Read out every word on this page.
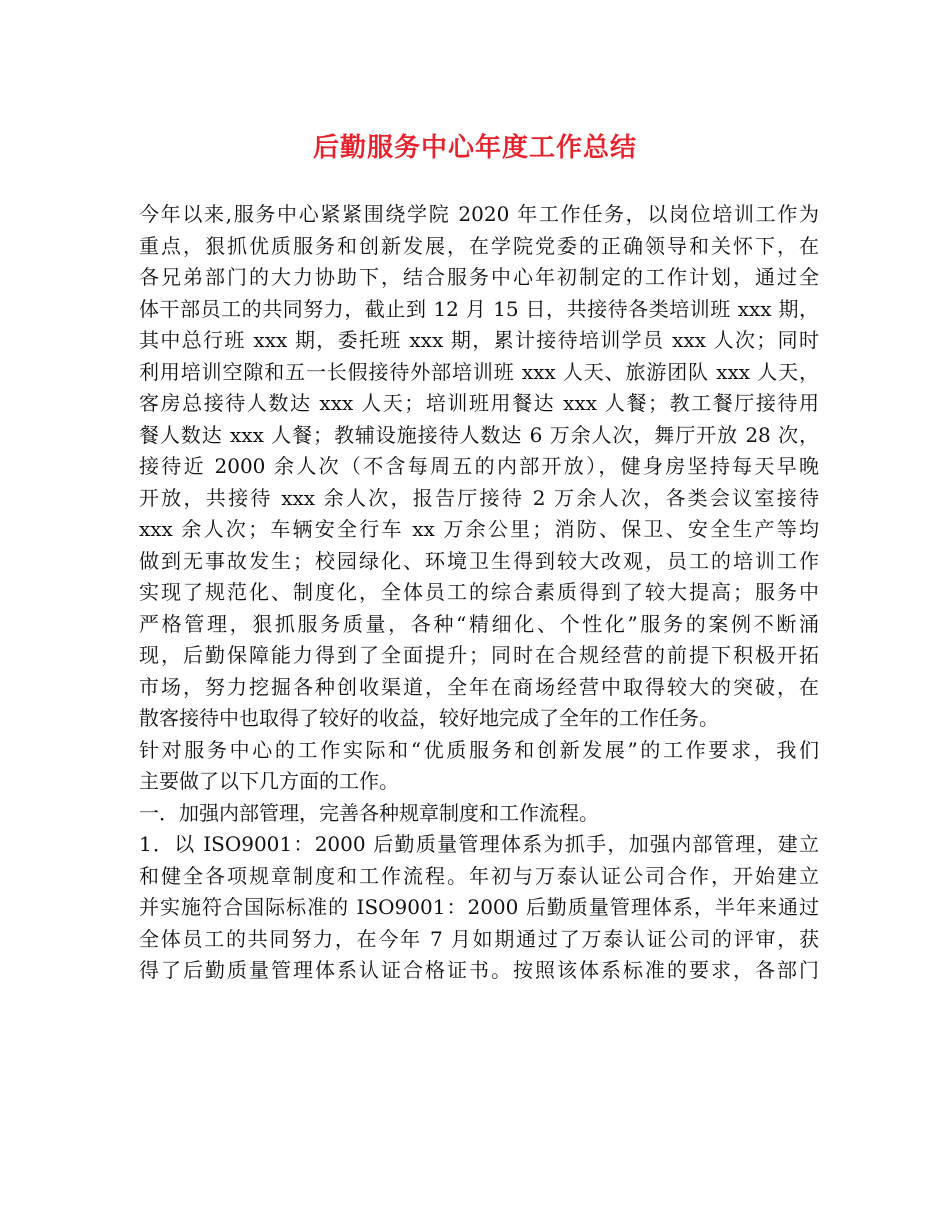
后勤服务中心年度工作总结
今年以来,服务中心紧紧围绕学院 2020 年工作任务，以岗位培训工作为
重点，狠抓优质服务和创新发展，在学院党委的正确领导和关怀下，在
各兄弟部门的大力协助下，结合服务中心年初制定的工作计划，通过全
体干部员工的共同努力，截止到 12 月 15 日，共接待各类培训班 xxx 期，
其中总行班 xxx 期，委托班 xxx 期，累计接待培训学员 xxx 人次；同时
利用培训空隙和五一长假接待外部培训班 xxx 人天、旅游团队 xxx 人天，
客房总接待人数达 xxx 人天；培训班用餐达 xxx 人餐；教工餐厅接待用
餐人数达 xxx 人餐；教辅设施接待人数达 6 万余人次，舞厅开放 28 次，
接待近 2000 余人次（不含每周五的内部开放），健身房坚持每天早晚
开放，共接待 xxx 余人次，报告厅接待 2 万余人次，各类会议室接待
xxx 余人次；车辆安全行车 xx 万余公里；消防、保卫、安全生产等均
做到无事故发生；校园绿化、环境卫生得到较大改观，员工的培训工作
实现了规范化、制度化，全体员工的综合素质得到了较大提高；服务中
严格管理，狠抓服务质量，各种“精细化、个性化”服务的案例不断涌
现，后勤保障能力得到了全面提升；同时在合规经营的前提下积极开拓
市场，努力挖掘各种创收渠道，全年在商场经营中取得较大的突破，在
散客接待中也取得了较好的收益，较好地完成了全年的工作任务。
针对服务中心的工作实际和“优质服务和创新发展”的工作要求，我们
主要做了以下几方面的工作。
一．加强内部管理，完善各种规章制度和工作流程。
1．以 ISO9001：2000 后勤质量管理体系为抓手，加强内部管理，建立
和健全各项规章制度和工作流程。年初与万泰认证公司合作，开始建立
并实施符合国际标准的 ISO9001：2000 后勤质量管理体系，半年来通过
全体员工的共同努力，在今年 7 月如期通过了万泰认证公司的评审，获
得了后勤质量管理体系认证合格证书。按照该体系标准的要求，各部门
